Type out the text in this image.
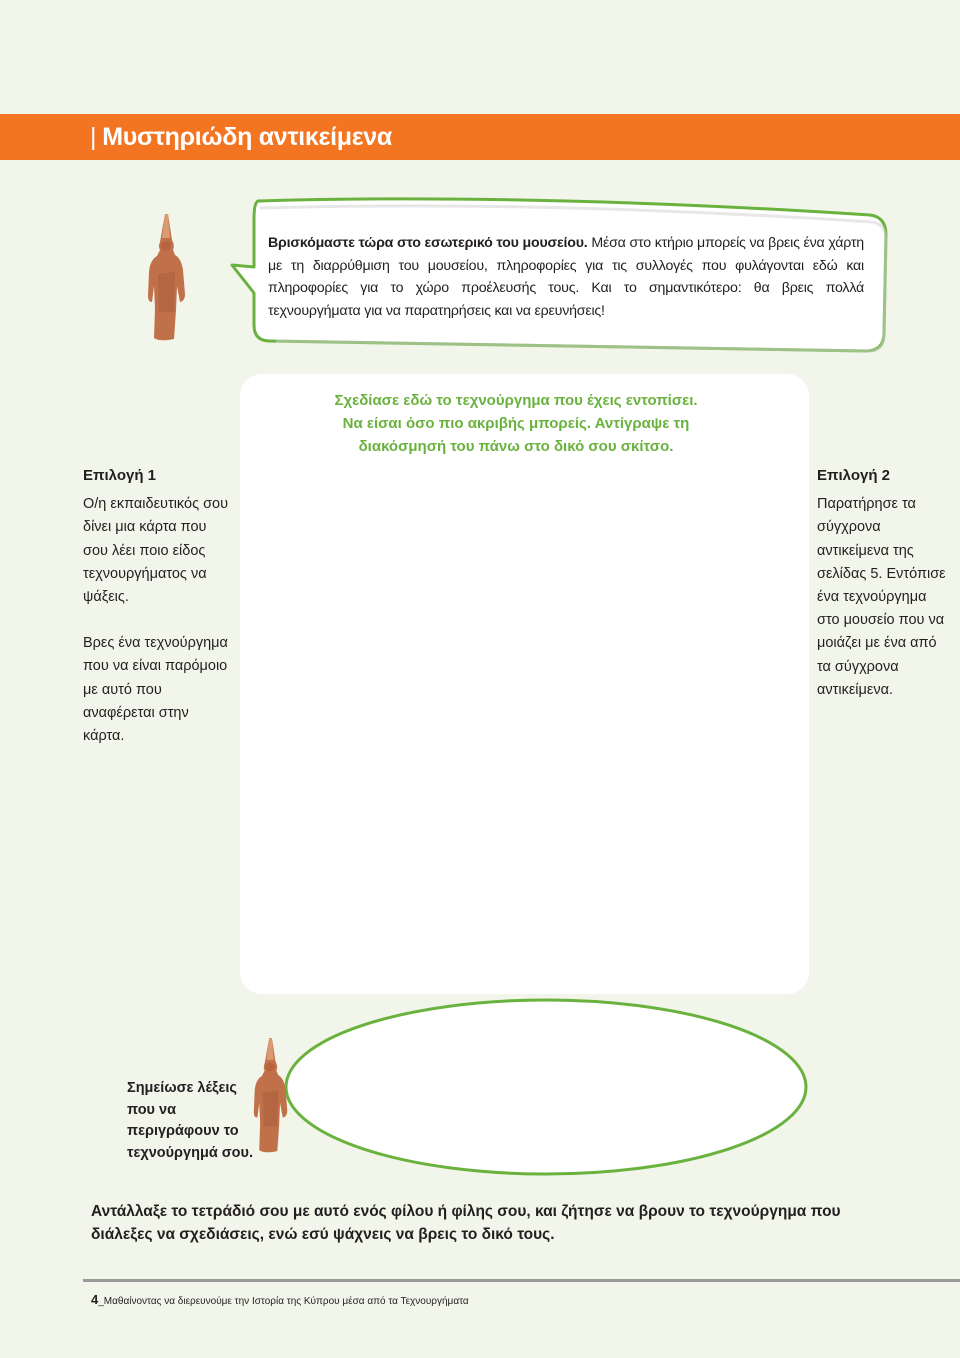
| Μυστηριώδη αντικείμενα
Βρισκόμαστε τώρα στο εσωτερικό του μουσείου. Μέσα στο κτήριο μπορείς να βρεις ένα χάρτη με τη διαρρύθμιση του μουσείου, πληροφορίες για τις συλλογές που φυλάγονται εδώ και πληροφορίες για το χώρο προέλευσής τους. Και το σημαντικότερο: θα βρεις πολλά τεχνουργήματα για να παρατηρήσεις και να ερευνήσεις!
Σχεδίασε εδώ το τεχνούργημα που έχεις εντοπίσει.
Να είσαι όσο πιο ακριβής μπορείς. Αντίγραψε τη
διακόσμησή του πάνω στο δικό σου σκίτσο.
Επιλογή 1

Ο/η εκπαιδευτικός σου δίνει μια κάρτα που σου λέει ποιο είδος τεχνουργήματος να ψάξεις.

Βρες ένα τεχνούργημα που να είναι παρόμοιο με αυτό που αναφέρεται στην κάρτα.

Επιλογή 2

Παρατήρησε τα σύγχρονα αντικείμενα της σελίδας 5. Εντόπισε ένα τεχνούργημα στο μουσείο που να μοιάζει με ένα από τα σύγχρονα αντικείμενα.

Σημείωσε λέξεις που να περιγράφουν το τεχνούργημά σου.
Αντάλλαξε το τετράδιό σου με αυτό ενός φίλου ή φίλης σου, και ζήτησε να βρουν το τεχνούργημα που διάλεξες να σχεδιάσεις, ενώ εσύ ψάχνεις να βρεις το δικό τους.
4_Μαθαίνοντας να διερευνούμε την Ιστορία της Κύπρου μέσα από τα Τεχνουργήματα
